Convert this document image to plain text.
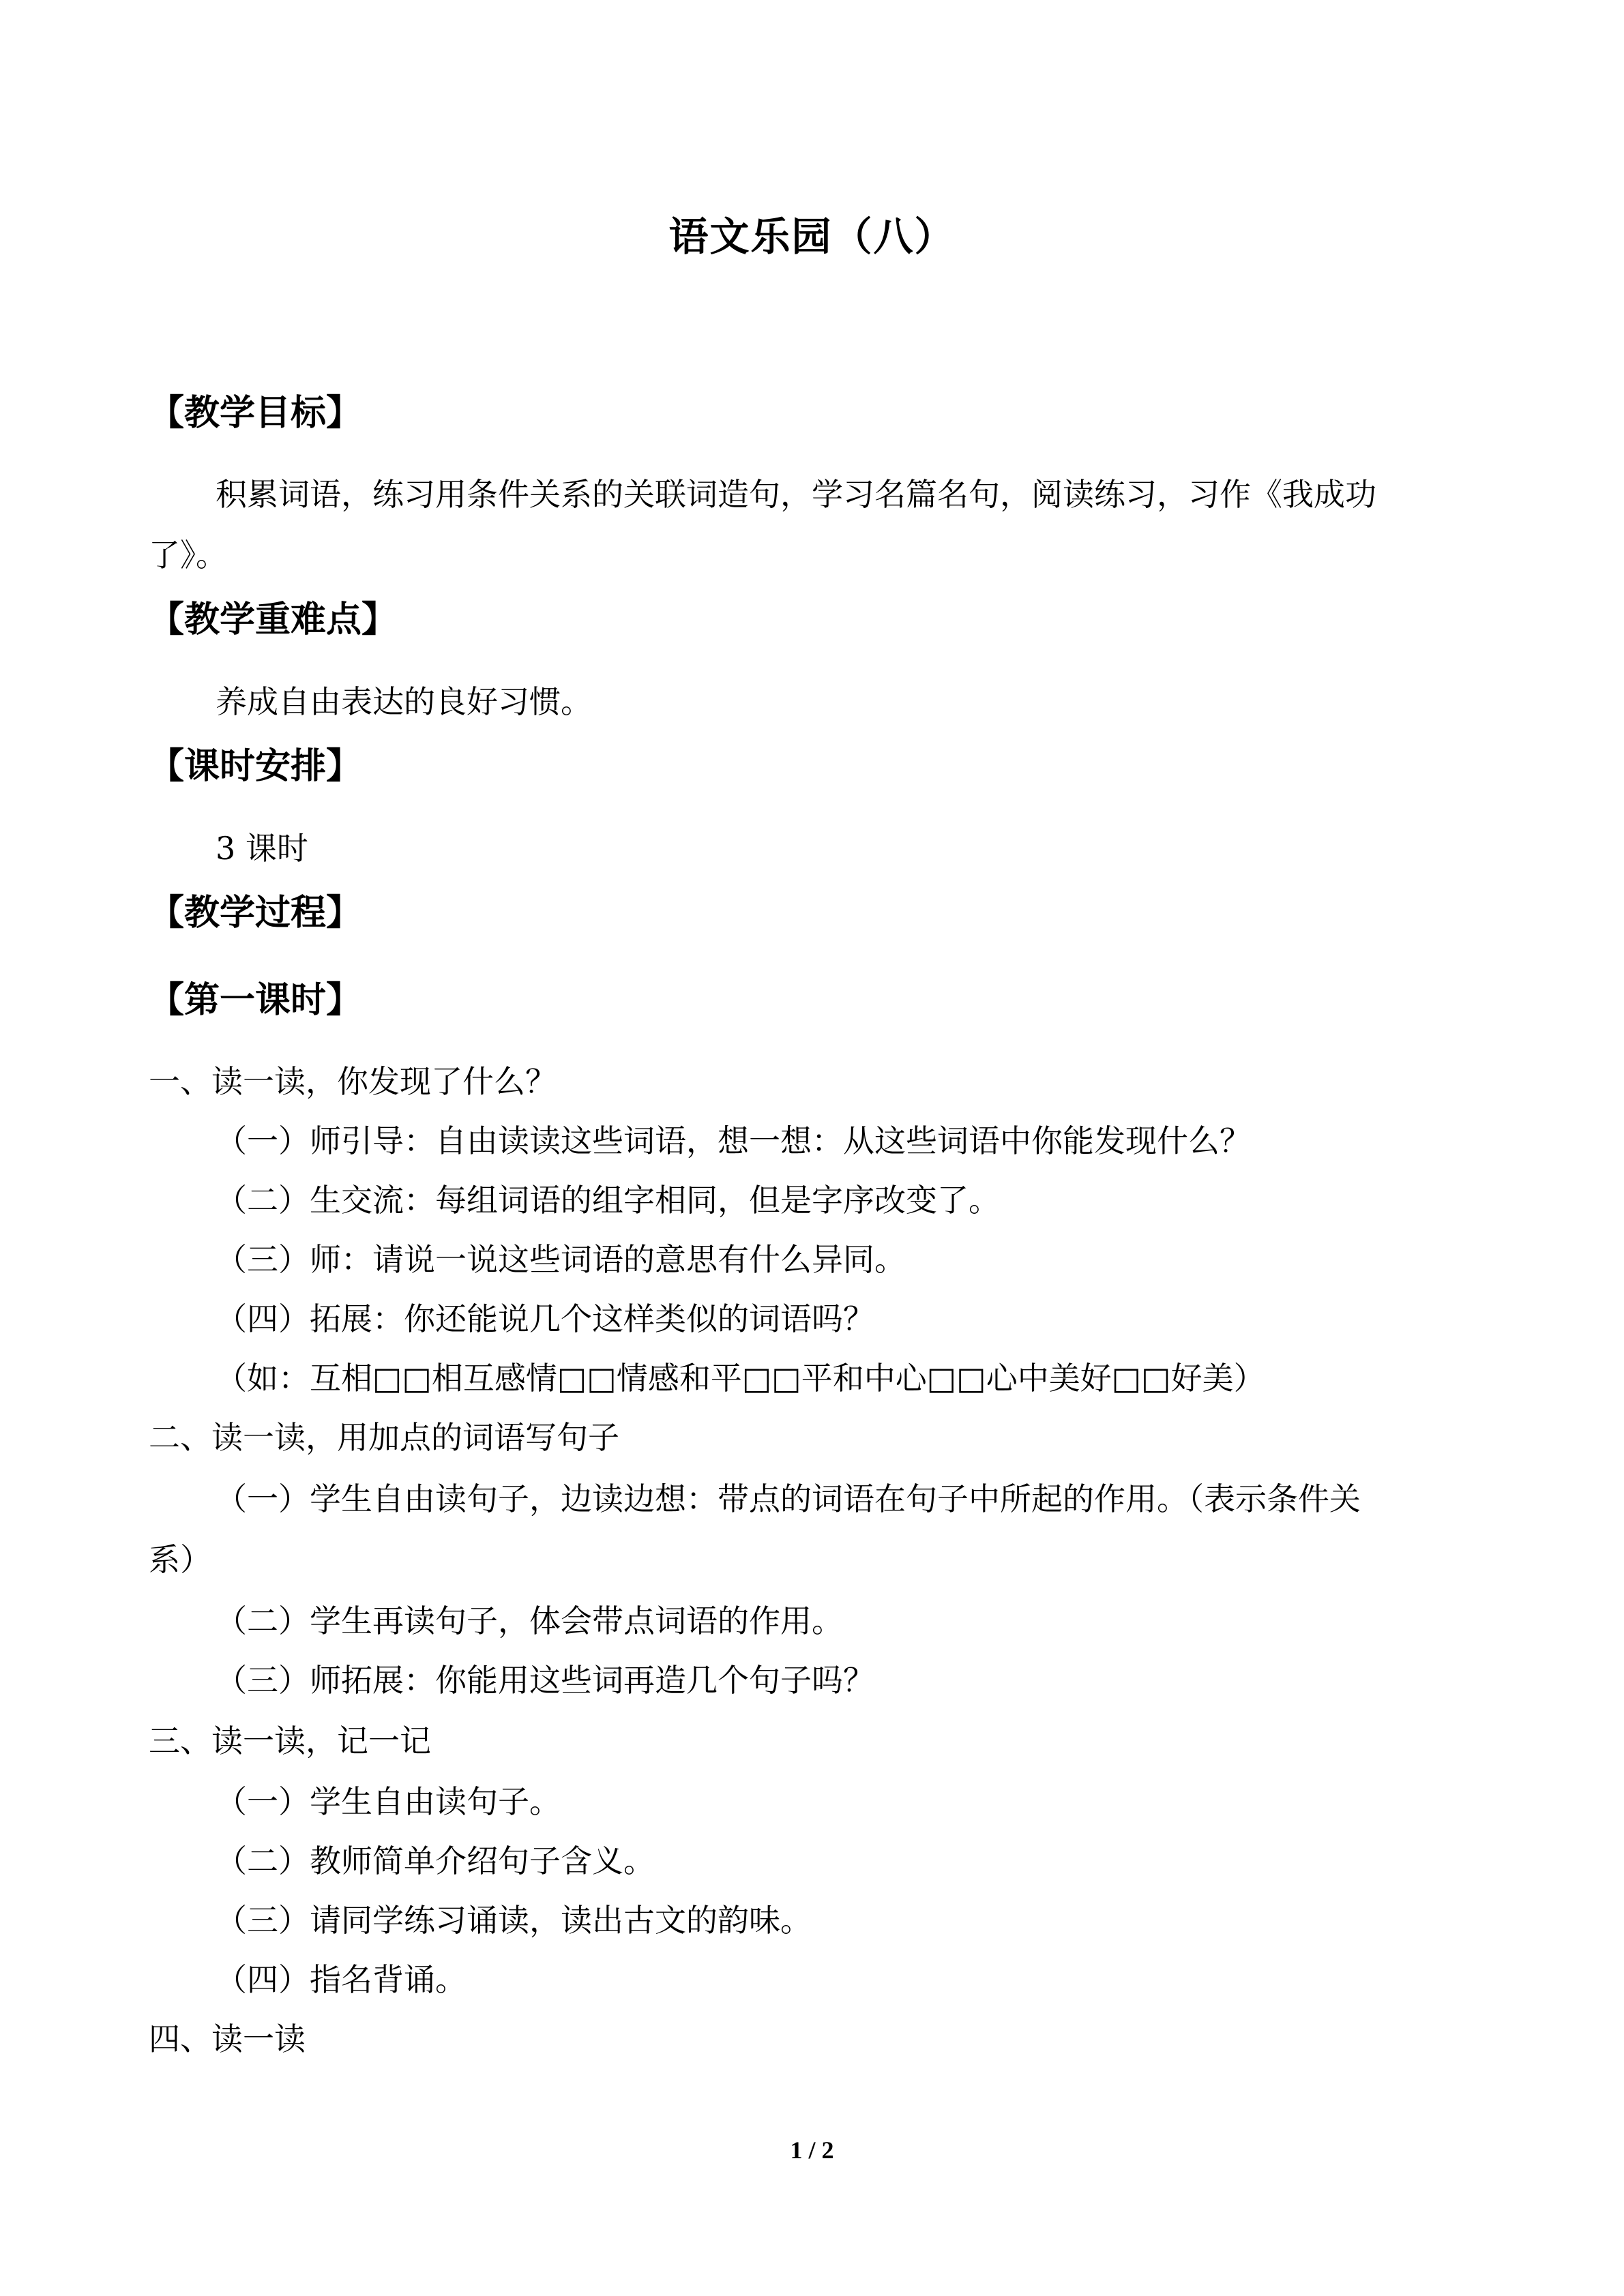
语文乐园（八）
【教学目标】
积累词语，练习用条件关系的关联词造句，学习名篇名句，阅读练习，习作《我成功
了》。
【教学重难点】
养成自由表达的良好习惯。
【课时安排】
3 课时
【教学过程】
【第一课时】
一、读一读，你发现了什么？
（一）师引导：自由读读这些词语，想一想：从这些词语中你能发现什么？
（二）生交流：每组词语的组字相同，但是字序改变了。
（三）师：请说一说这些词语的意思有什么异同。
（四）拓展：你还能说几个这样类似的词语吗？
（如：互相□□相互感情□□情感和平□□平和中心□□心中美好□□好美）
二、读一读，用加点的词语写句子
（一）学生自由读句子，边读边想：带点的词语在句子中所起的作用。（表示条件关
系）
（二）学生再读句子，体会带点词语的作用。
（三）师拓展：你能用这些词再造几个句子吗？
三、读一读，记一记
（一）学生自由读句子。
（二）教师简单介绍句子含义。
（三）请同学练习诵读，读出古文的韵味。
（四）指名背诵。
四、读一读
1 / 2
